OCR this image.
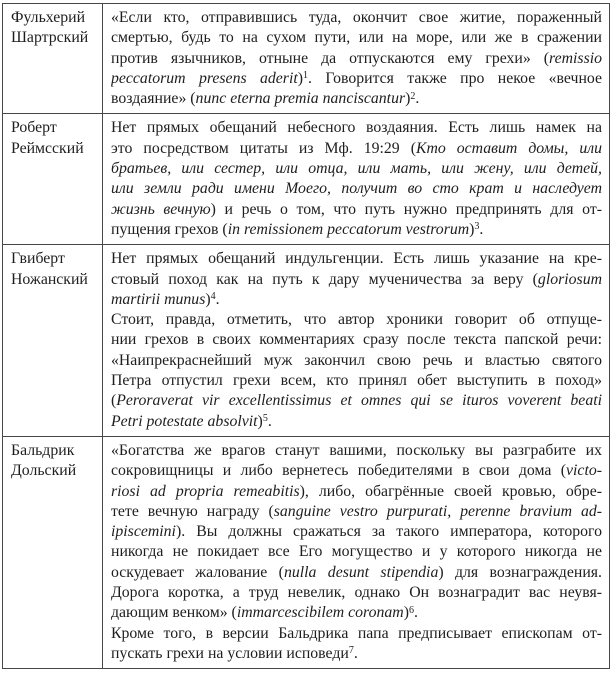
Фульхерий
Шартрский
«Если кто, отправившись туда, окончит свое житие, пораженный
смертью, будь то на сухом пути, или на море, или же в сражении
против язычников, отныне да отпускаются ему грехи» (remissio
peccatorum presens aderit)$^1$. Говорится также про некое «вечное
воздаяние» (nunc eterna premia nanciscantur)$^2$.
Роберт
Реймсский
Нет прямых обещаний небесного воздаяния. Есть лишь намек на
это посредством цитаты из Мф. 19:29 (Кто оставит домы, или
братьев, или сестер, или отца, или мать, или жену, или детей,
или земли ради имени Моего, получит во сто крат и наследует
жизнь вечную) и речь о том, что путь нужно предпринять для от-
пущения грехов (in remissionem peccatorum vestrorum)$^3$.
Гвиберт
Ножанский
Нет прямых обещаний индульгенции. Есть лишь указание на кре-
стовый поход как на путь к дару мученичества за веру (gloriosum
martirii munus)$^4$.
Стоит, правда, отметить, что автор хроники говорит об отпуще-
нии грехов в своих комментариях сразу после текста папской речи:
«Наипрекраснейший муж закончил свою речь и властью святого
Петра отпустил грехи всем, кто принял обет выступить в поход»
(Peroraverat vir excellentissimus et omnes qui se ituros voverent beati
Petri potestate absolvit)$^5$.
Бальдрик
Дольский
«Богатства же врагов станут вашими, поскольку вы разграбите их
сокровищницы и либо вернетесь победителями в свои дома (victo-
riosi ad propria remeabitis), либо, обагрённые своей кровью, обре-
тете вечную награду (sanguine vestro purpurati, perenne bravium ad-
ipiscemini). Вы должны сражаться за такого императора, которого
никогда не покидает все Его могущество и у которого никогда не
оскудевает жалование (nulla desunt stipendia) для вознаграждения.
Дорога коротка, а труд невелик, однако Он вознаградит вас неувя-
дающим венком» (immarcescibilem coronam)$^6$.
Кроме того, в версии Бальдрика папа предписывает епископам от-
пускать грехи на условии исповеди$^7$.
